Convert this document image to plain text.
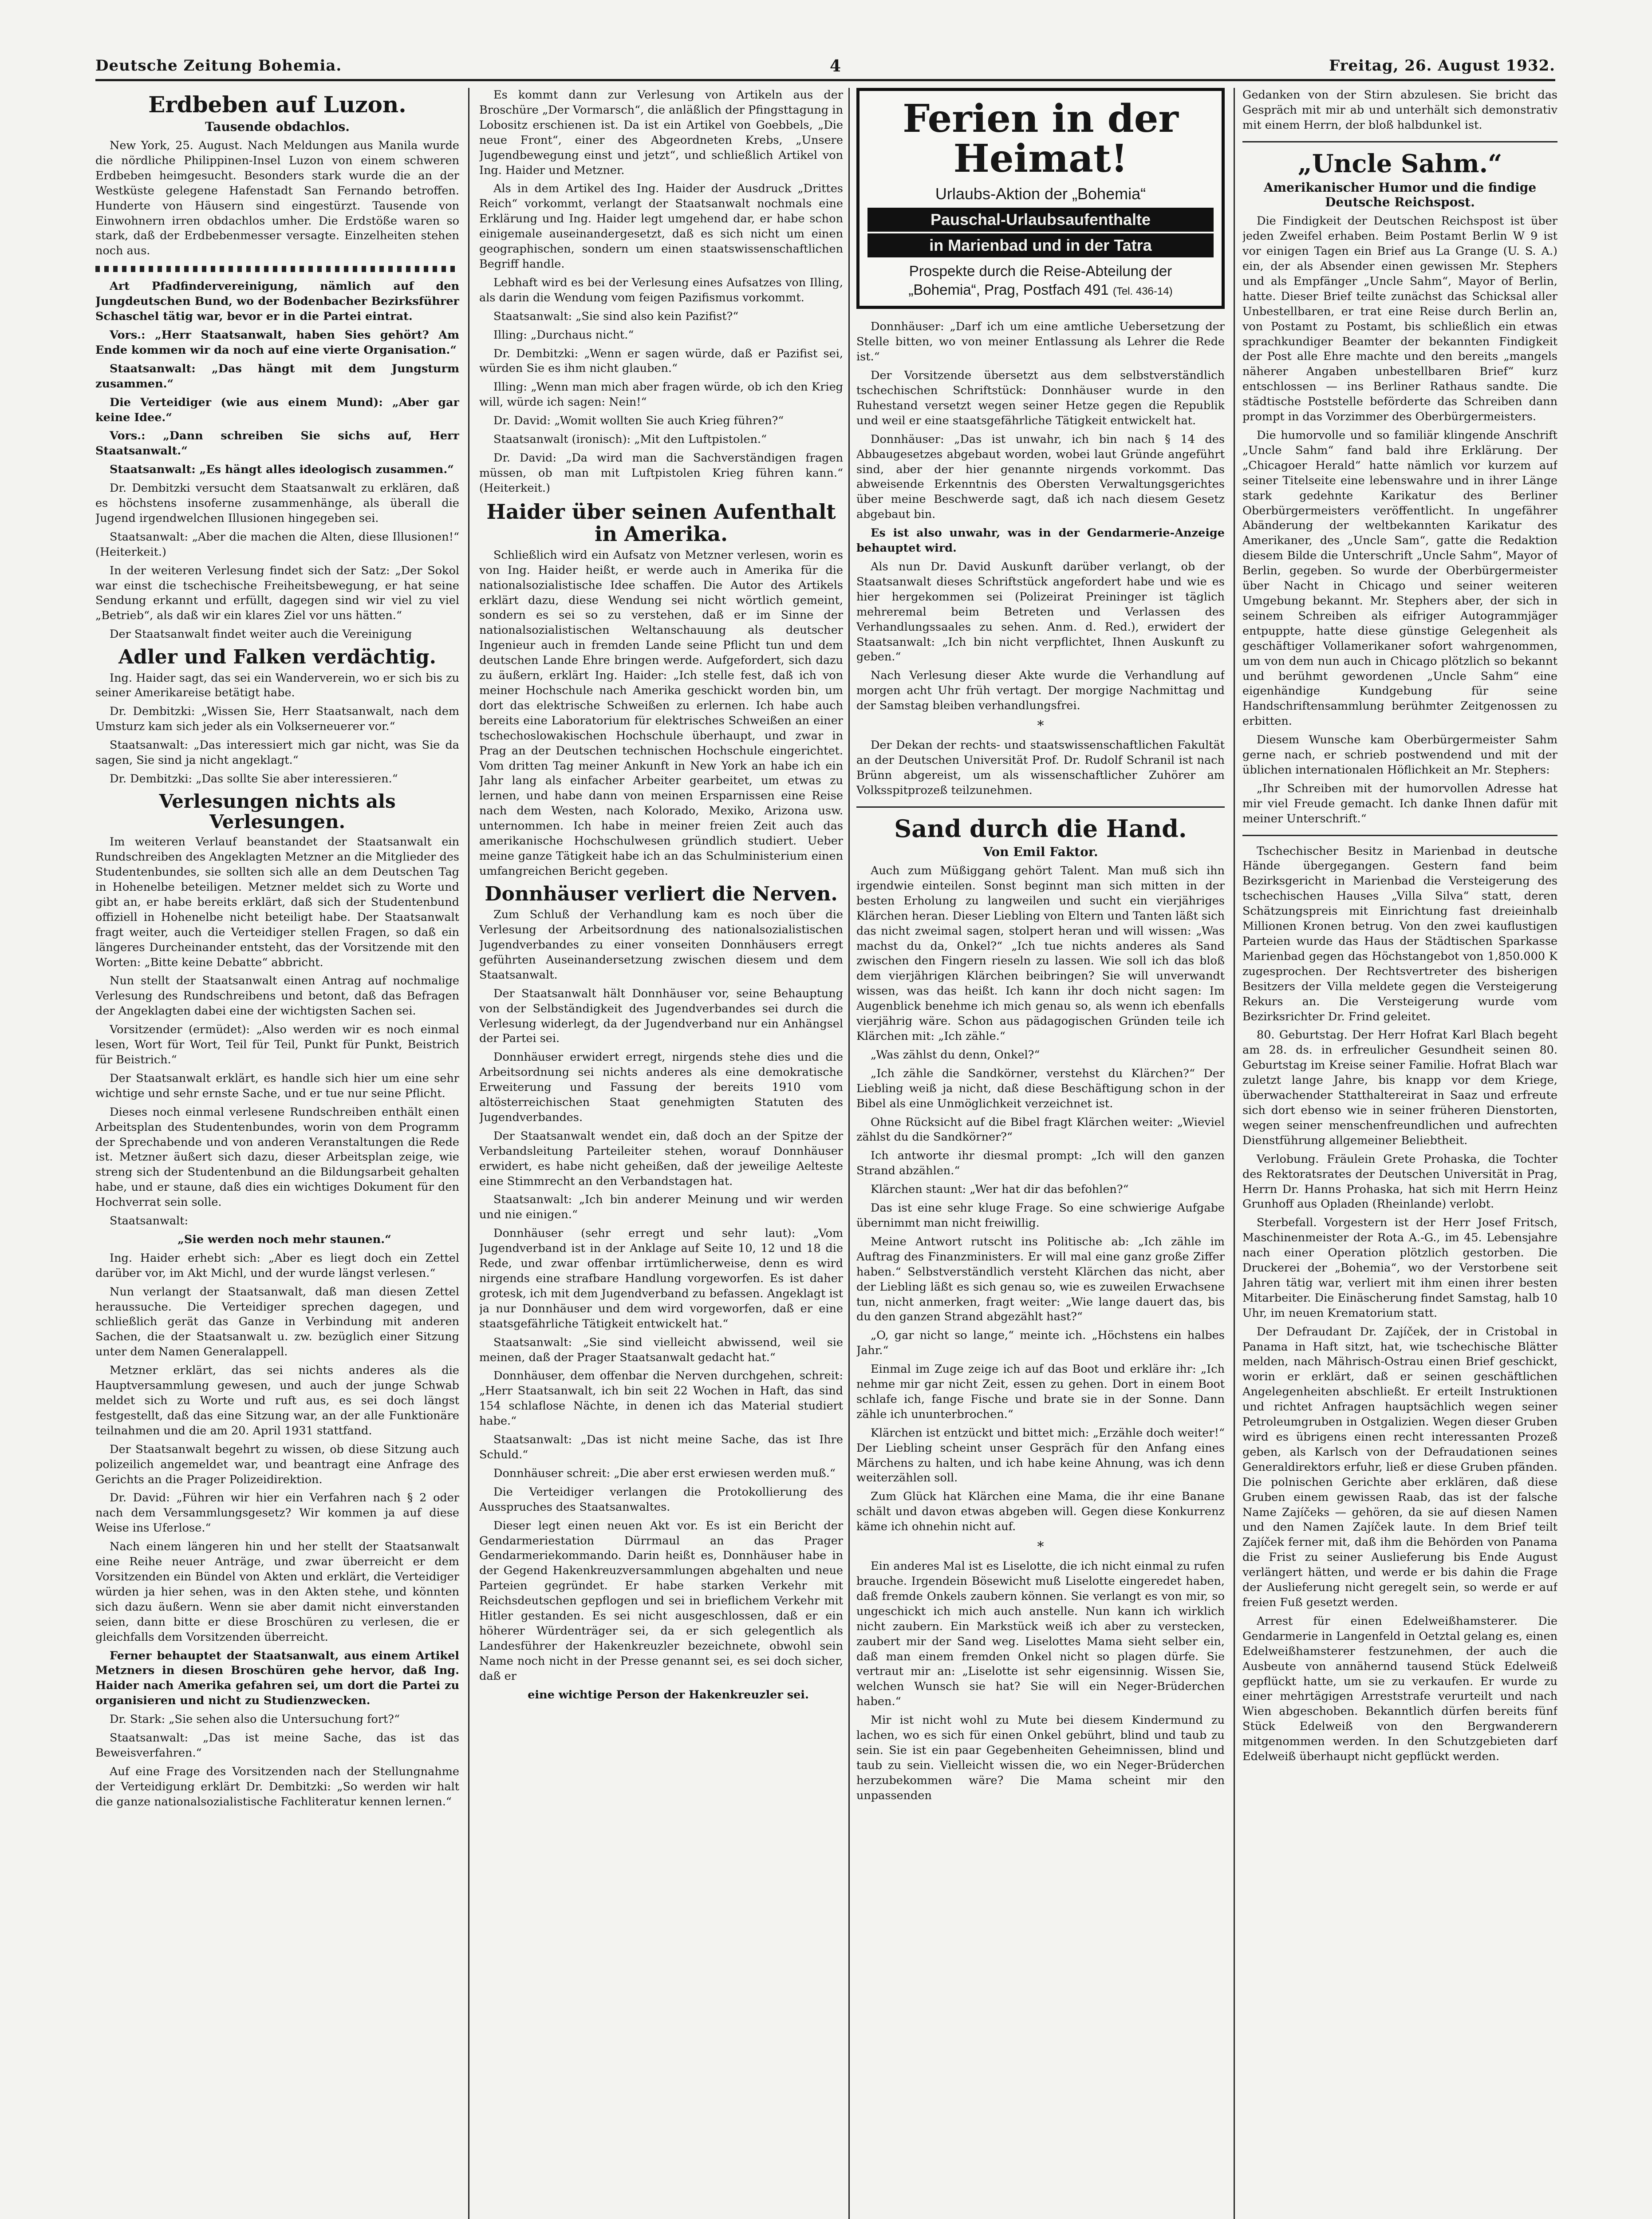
Deutsche Zeitung Bohemia.	4	Freitag, 26. August 1932.
Erdbeben auf Luzon.
Tausende obdachlos.

New York, 25. August. Nach Meldungen aus Manila wurde die nördliche Philippinen-Insel Luzon von einem schweren Erdbeben heimgesucht. Besonders stark wurde die an der Westküste gelegene Hafenstadt San Fernando betroffen. Hunderte von Häusern sind eingestürzt. Tausende von Einwohnern irren obdachlos umher. Die Erdstöße waren so stark, daß der Erdbebenmesser versagte. Einzelheiten stehen noch aus.

Art Pfadfindervereinigung, nämlich auf den Jungdeutschen Bund, wo der Bodenbacher Bezirksführer Schaschel tätig war, bevor er in die Partei eintrat.

Vors.: „Herr Staatsanwalt, haben Sies gehört? Am Ende kommen wir da noch auf eine vierte Organisation.“

Staatsanwalt: „Das hängt mit dem Jungsturm zusammen.“

Die Verteidiger (wie aus einem Mund): „Aber gar keine Idee.“

Vors.: „Dann schreiben Sie sichs auf, Herr Staatsanwalt.“

Staatsanwalt: „Es hängt alles ideologisch zusammen.“

Dr. Dembitzki versucht dem Staatsanwalt zu erklären, daß es höchstens insoferne zusammenhänge, als überall die Jugend irgendwelchen Illusionen hingegeben sei.

Staatsanwalt: „Aber die machen die Alten, diese Illusionen!“ (Heiterkeit.)

In der weiteren Verlesung findet sich der Satz: „Der Sokol war einst die tschechische Freiheitsbewegung, er hat seine Sendung erkannt und erfüllt, dagegen sind wir viel zu viel „Betrieb“, als daß wir ein klares Ziel vor uns hätten.“

Der Staatsanwalt findet weiter auch die Vereinigung

Adler und Falken verdächtig.

Ing. Haider sagt, das sei ein Wanderverein, wo er sich bis zu seiner Amerikareise betätigt habe.

Dr. Dembitzki: „Wissen Sie, Herr Staatsanwalt, nach dem Umsturz kam sich jeder als ein Volkserneuerer vor.“

Staatsanwalt: „Das interessiert mich gar nicht, was Sie da sagen, Sie sind ja nicht angeklagt.“

Dr. Dembitzki: „Das sollte Sie aber interessieren.“

Verlesungen nichts als Verlesungen.

Im weiteren Verlauf beanstandet der Staatsanwalt ein Rundschreiben des Angeklagten Metzner an die Mitglieder des Studentenbundes, sie sollten sich alle an dem Deutschen Tag in Hohenelbe beteiligen. Metzner meldet sich zu Worte und gibt an, er habe bereits erklärt, daß sich der Studentenbund offiziell in Hohenelbe nicht beteiligt habe. Der Staatsanwalt fragt weiter, auch die Verteidiger stellen Fragen, so daß ein längeres Durcheinander entsteht, das der Vorsitzende mit den Worten: „Bitte keine Debatte“ abbricht.

Nun stellt der Staatsanwalt einen Antrag auf nochmalige Verlesung des Rundschreibens und betont, daß das Befragen der Angeklagten dabei eine der wichtigsten Sachen sei.

Vorsitzender (ermüdet): „Also werden wir es noch einmal lesen, Wort für Wort, Teil für Teil, Punkt für Punkt, Beistrich für Beistrich.“

Der Staatsanwalt erklärt, es handle sich hier um eine sehr wichtige und sehr ernste Sache, und er tue nur seine Pflicht.

Dieses noch einmal verlesene Rundschreiben enthält einen Arbeitsplan des Studentenbundes, worin von dem Programm der Sprechabende und von anderen Veranstaltungen die Rede ist. Metzner äußert sich dazu, dieser Arbeitsplan zeige, wie streng sich der Studentenbund an die Bildungsarbeit gehalten habe, und er staune, daß dies ein wichtiges Dokument für den Hochverrat sein solle.

Staatsanwalt:

„Sie werden noch mehr staunen.“

Ing. Haider erhebt sich: „Aber es liegt doch ein Zettel darüber vor, im Akt Michl, und der wurde längst verlesen.“

Nun verlangt der Staatsanwalt, daß man diesen Zettel heraussuche. Die Verteidiger sprechen dagegen, und schließlich gerät das Ganze in Verbindung mit anderen Sachen, die der Staatsanwalt u. zw. bezüglich einer Sitzung unter dem Namen Generalappell.

Metzner erklärt, das sei nichts anderes als die Hauptversammlung gewesen, und auch der junge Schwab meldet sich zu Worte und ruft aus, es sei doch längst festgestellt, daß das eine Sitzung war, an der alle Funktionäre teilnahmen und die am 20. April 1931 stattfand.

Der Staatsanwalt begehrt zu wissen, ob diese Sitzung auch polizeilich angemeldet war, und beantragt eine Anfrage des Gerichts an die Prager Polizeidirektion.

Dr. David: „Führen wir hier ein Verfahren nach § 2 oder nach dem Versammlungsgesetz? Wir kommen ja auf diese Weise ins Uferlose.“

Nach einem längeren hin und her stellt der Staatsanwalt eine Reihe neuer Anträge, und zwar überreicht er dem Vorsitzenden ein Bündel von Akten und erklärt, die Verteidiger würden ja hier sehen, was in den Akten stehe, und könnten sich dazu äußern. Wenn sie aber damit nicht einverstanden seien, dann bitte er diese Broschüren zu verlesen, die er gleichfalls dem Vorsitzenden überreicht.

Ferner behauptet der Staatsanwalt, aus einem Artikel Metzners in diesen Broschüren gehe hervor, daß Ing. Haider nach Amerika gefahren sei, um dort die Partei zu organisieren und nicht zu Studienzwecken.

Dr. Stark: „Sie sehen also die Untersuchung fort?“

Staatsanwalt: „Das ist meine Sache, das ist das Beweisverfahren.“

Auf eine Frage des Vorsitzenden nach der Stellungnahme der Verteidigung erklärt Dr. Dembitzki: „So werden wir halt die ganze nationalsozialistische Fachliteratur kennen lernen.“

Es kommt dann zur Verlesung von Artikeln aus der Broschüre „Der Vormarsch“, die anläßlich der Pfingsttagung in Lobositz erschienen ist. Da ist ein Artikel von Goebbels, „Die neue Front“, einer des Abgeordneten Krebs, „Unsere Jugendbewegung einst und jetzt“, und schließlich Artikel von Ing. Haider und Metzner.

Als in dem Artikel des Ing. Haider der Ausdruck „Drittes Reich“ vorkommt, verlangt der Staatsanwalt nochmals eine Erklärung und Ing. Haider legt umgehend dar, er habe schon einigemale auseinandergesetzt, daß es sich nicht um einen geographischen, sondern um einen staatswissenschaftlichen Begriff handle.

Lebhaft wird es bei der Verlesung eines Aufsatzes von Illing, als darin die Wendung vom feigen Pazifismus vorkommt.

Staatsanwalt: „Sie sind also kein Pazifist?“

Illing: „Durchaus nicht.“

Dr. Dembitzki: „Wenn er sagen würde, daß er Pazifist sei, würden Sie es ihm nicht glauben.“

Illing: „Wenn man mich aber fragen würde, ob ich den Krieg will, würde ich sagen: Nein!“

Dr. David: „Womit wollten Sie auch Krieg führen?“

Staatsanwalt (ironisch): „Mit den Luftpistolen.“

Dr. David: „Da wird man die Sachverständigen fragen müssen, ob man mit Luftpistolen Krieg führen kann.“ (Heiterkeit.)

Haider über seinen Aufenthalt in Amerika.

Schließlich wird ein Aufsatz von Metzner verlesen, worin es von Ing. Haider heißt, er werde auch in Amerika für die nationalsozialistische Idee schaffen. Die Autor des Artikels erklärt dazu, diese Wendung sei nicht wörtlich gemeint, sondern es sei so zu verstehen, daß er im Sinne der nationalsozialistischen Weltanschauung als deutscher Ingenieur auch in fremden Lande seine Pflicht tun und dem deutschen Lande Ehre bringen werde. Aufgefordert, sich dazu zu äußern, erklärt Ing. Haider: „Ich stelle fest, daß ich von meiner Hochschule nach Amerika geschickt worden bin, um dort das elektrische Schweißen zu erlernen. Ich habe auch bereits eine Laboratorium für elektrisches Schweißen an einer tschechoslowakischen Hochschule überhaupt, und zwar in Prag an der Deutschen technischen Hochschule eingerichtet. Vom dritten Tag meiner Ankunft in New York an habe ich ein Jahr lang als einfacher Arbeiter gearbeitet, um etwas zu lernen, und habe dann von meinen Ersparnissen eine Reise nach dem Westen, nach Kolorado, Mexiko, Arizona usw. unternommen. Ich habe in meiner freien Zeit auch das amerikanische Hochschulwesen gründlich studiert. Ueber meine ganze Tätigkeit habe ich an das Schulministerium einen umfangreichen Bericht gegeben.

Donnhäuser verliert die Nerven.

Zum Schluß der Verhandlung kam es noch über die Verlesung der Arbeitsordnung des nationalsozialistischen Jugendverbandes zu einer vonseiten Donnhäusers erregt geführten Auseinandersetzung zwischen diesem und dem Staatsanwalt.

Der Staatsanwalt hält Donnhäuser vor, seine Behauptung von der Selbständigkeit des Jugendverbandes sei durch die Verlesung widerlegt, da der Jugendverband nur ein Anhängsel der Partei sei.

Donnhäuser erwidert erregt, nirgends stehe dies und die Arbeitsordnung sei nichts anderes als eine demokratische Erweiterung und Fassung der bereits 1910 vom altösterreichischen Staat genehmigten Statuten des Jugendverbandes.

Der Staatsanwalt wendet ein, daß doch an der Spitze der Verbandsleitung Parteileiter stehen, worauf Donnhäuser erwidert, es habe nicht geheißen, daß der jeweilige Aelteste eine Stimmrecht an den Verbandstagen hat.

Staatsanwalt: „Ich bin anderer Meinung und wir werden und nie einigen.“

Donnhäuser (sehr erregt und sehr laut): „Vom Jugendverband ist in der Anklage auf Seite 10, 12 und 18 die Rede, und zwar offenbar irrtümlicherweise, denn es wird nirgends eine strafbare Handlung vorgeworfen. Es ist daher grotesk, ich mit dem Jugendverband zu befassen. Angeklagt ist ja nur Donnhäuser und dem wird vorgeworfen, daß er eine staatsgefährliche Tätigkeit entwickelt hat.“

Staatsanwalt: „Sie sind vielleicht abwissend, weil sie meinen, daß der Prager Staatsanwalt gedacht hat.“

Donnhäuser, dem offenbar die Nerven durchgehen, schreit: „Herr Staatsanwalt, ich bin seit 22 Wochen in Haft, das sind 154 schlaflose Nächte, in denen ich das Material studiert habe.“

Staatsanwalt: „Das ist nicht meine Sache, das ist Ihre Schuld.“

Donnhäuser schreit: „Die aber erst erwiesen werden muß.“

Die Verteidiger verlangen die Protokollierung des Ausspruches des Staatsanwaltes.

Dieser legt einen neuen Akt vor. Es ist ein Bericht der Gendarmeriestation Dürrmaul an das Prager Gendarmeriekommando. Darin heißt es, Donnhäuser habe in der Gegend Hakenkreuzversammlungen abgehalten und neue Parteien gegründet. Er habe starken Verkehr mit Reichsdeutschen gepflogen und sei in brieflichem Verkehr mit Hitler gestanden. Es sei nicht ausgeschlossen, daß er ein höherer Würdenträger sei, da er sich gelegentlich als Landesführer der Hakenkreuzler bezeichnete, obwohl sein Name noch nicht in der Presse genannt sei, es sei doch sicher, daß er

eine wichtige Person der Hakenkreuzler sei.

Ferien in der Heimat!
Urlaubs-Aktion der „Bohemia“
Pauschal-Urlaubsaufenthalte
in Marienbad und in der Tatra
Prospekte durch die Reise-Abteilung der
„Bohemia“, Prag, Postfach 491 (Tel. 436-14)

Donnhäuser: „Darf ich um eine amtliche Uebersetzung der Stelle bitten, wo von meiner Entlassung als Lehrer die Rede ist.“

Der Vorsitzende übersetzt aus dem selbstverständlich tschechischen Schriftstück: Donnhäuser wurde in den Ruhestand versetzt wegen seiner Hetze gegen die Republik und weil er eine staatsgefährliche Tätigkeit entwickelt hat.

Donnhäuser: „Das ist unwahr, ich bin nach § 14 des Abbaugesetzes abgebaut worden, wobei laut Gründe angeführt sind, aber der hier genannte nirgends vorkommt. Das abweisende Erkenntnis des Obersten Verwaltungsgerichtes über meine Beschwerde sagt, daß ich nach diesem Gesetz abgebaut bin.

Es ist also unwahr, was in der Gendarmerie-Anzeige behauptet wird.

Als nun Dr. David Auskunft darüber verlangt, ob der Staatsanwalt dieses Schriftstück angefordert habe und wie es hier hergekommen sei (Polizeirat Preininger ist täglich mehreremal beim Betreten und Verlassen des Verhandlungssaales zu sehen. Anm. d. Red.), erwidert der Staatsanwalt: „Ich bin nicht verpflichtet, Ihnen Auskunft zu geben.“

Nach Verlesung dieser Akte wurde die Verhandlung auf morgen acht Uhr früh vertagt. Der morgige Nachmittag und der Samstag bleiben verhandlungsfrei.

*

Der Dekan der rechts- und staatswissenschaftlichen Fakultät an der Deutschen Universität Prof. Dr. Rudolf Schranil ist nach Brünn abgereist, um als wissenschaftlicher Zuhörer am Volksspitprozeß teilzunehmen.

Sand durch die Hand.
Von Emil Faktor.

Auch zum Müßiggang gehört Talent. Man muß sich ihn irgendwie einteilen. Sonst beginnt man sich mitten in der besten Erholung zu langweilen und sucht ein vierjähriges Klärchen heran. Dieser Liebling von Eltern und Tanten läßt sich das nicht zweimal sagen, stolpert heran und will wissen: „Was machst du da, Onkel?“ „Ich tue nichts anderes als Sand zwischen den Fingern rieseln zu lassen. Wie soll ich das bloß dem vierjährigen Klärchen beibringen? Sie will unverwandt wissen, was das heißt. Ich kann ihr doch nicht sagen: Im Augenblick benehme ich mich genau so, als wenn ich ebenfalls vierjährig wäre. Schon aus pädagogischen Gründen teile ich Klärchen mit: „Ich zähle.“

„Was zählst du denn, Onkel?“

„Ich zähle die Sandkörner, verstehst du Klärchen?“ Der Liebling weiß ja nicht, daß diese Beschäftigung schon in der Bibel als eine Unmöglichkeit verzeichnet ist.

Ohne Rücksicht auf die Bibel fragt Klärchen weiter: „Wieviel zählst du die Sandkörner?“

Ich antworte ihr diesmal prompt: „Ich will den ganzen Strand abzählen.“

Klärchen staunt: „Wer hat dir das befohlen?“

Das ist eine sehr kluge Frage. So eine schwierige Aufgabe übernimmt man nicht freiwillig.

Meine Antwort rutscht ins Politische ab: „Ich zähle im Auftrag des Finanzministers. Er will mal eine ganz große Ziffer haben.“ Selbstverständlich versteht Klärchen das nicht, aber der Liebling läßt es sich genau so, wie es zuweilen Erwachsene tun, nicht anmerken, fragt weiter: „Wie lange dauert das, bis du den ganzen Strand abgezählt hast?“

„O, gar nicht so lange,“ meinte ich. „Höchstens ein halbes Jahr.“

Einmal im Zuge zeige ich auf das Boot und erkläre ihr: „Ich nehme mir gar nicht Zeit, essen zu gehen. Dort in einem Boot schlafe ich, fange Fische und brate sie in der Sonne. Dann zähle ich ununterbrochen.“

Klärchen ist entzückt und bittet mich: „Erzähle doch weiter!“ Der Liebling scheint unser Gespräch für den Anfang eines Märchens zu halten, und ich habe keine Ahnung, was ich denn weiterzählen soll.

Zum Glück hat Klärchen eine Mama, die ihr eine Banane schält und davon etwas abgeben will. Gegen diese Konkurrenz käme ich ohnehin nicht auf.

*

Ein anderes Mal ist es Liselotte, die ich nicht einmal zu rufen brauche. Irgendein Bösewicht muß Liselotte eingeredet haben, daß fremde Onkels zaubern können. Sie verlangt es von mir, so ungeschickt ich mich auch anstelle. Nun kann ich wirklich nicht zaubern. Ein Markstück weiß ich aber zu verstecken, zaubert mir der Sand weg. Liselottes Mama sieht selber ein, daß man einem fremden Onkel nicht so plagen dürfe. Sie vertraut mir an: „Liselotte ist sehr eigensinnig. Wissen Sie, welchen Wunsch sie hat? Sie will ein Neger-Brüderchen haben.“

Mir ist nicht wohl zu Mute bei diesem Kindermund zu lachen, wo es sich für einen Onkel gebührt, blind und taub zu sein. Sie ist ein paar Gegebenheiten Geheimnissen, blind und taub zu sein. Vielleicht wissen die, wo ein Neger-Brüderchen herzubekommen wäre? Die Mama scheint mir den unpassenden

Gedanken von der Stirn abzulesen. Sie bricht das Gespräch mit mir ab und unterhält sich demonstrativ mit einem Herrn, der bloß halbdunkel ist.

„Uncle Sahm.“
Amerikanischer Humor und die findige Deutsche Reichspost.

Die Findigkeit der Deutschen Reichspost ist über jeden Zweifel erhaben. Beim Postamt Berlin W 9 ist vor einigen Tagen ein Brief aus La Grange (U. S. A.) ein, der als Absender einen gewissen Mr. Stephers und als Empfänger „Uncle Sahm“, Mayor of Berlin, hatte. Dieser Brief teilte zunächst das Schicksal aller Unbestellbaren, er trat eine Reise durch Berlin an, von Postamt zu Postamt, bis schließlich ein etwas sprachkundiger Beamter der bekannten Findigkeit der Post alle Ehre machte und den bereits „mangels näherer Angaben unbestellbaren Brief“ kurz entschlossen — ins Berliner Rathaus sandte. Die städtische Poststelle beförderte das Schreiben dann prompt in das Vorzimmer des Oberbürgermeisters.

Die humorvolle und so familiär klingende Anschrift „Uncle Sahm“ fand bald ihre Erklärung. Der „Chicagoer Herald“ hatte nämlich vor kurzem auf seiner Titelseite eine lebenswahre und in ihrer Länge stark gedehnte Karikatur des Berliner Oberbürgermeisters veröffentlicht. In ungefährer Abänderung der weltbekannten Karikatur des Amerikaner, des „Uncle Sam“, gatte die Redaktion diesem Bilde die Unterschrift „Uncle Sahm“, Mayor of Berlin, gegeben. So wurde der Oberbürgermeister über Nacht in Chicago und seiner weiteren Umgebung bekannt. Mr. Stephers aber, der sich in seinem Schreiben als eifriger Autogrammjäger entpuppte, hatte diese günstige Gelegenheit als geschäftiger Vollamerikaner sofort wahrgenommen, um von dem nun auch in Chicago plötzlich so bekannt und berühmt gewordenen „Uncle Sahm“ eine eigenhändige Kundgebung für seine Handschriftensammlung berühmter Zeitgenossen zu erbitten.

Diesem Wunsche kam Oberbürgermeister Sahm gerne nach, er schrieb postwendend und mit der üblichen internationalen Höflichkeit an Mr. Stephers:

„Ihr Schreiben mit der humorvollen Adresse hat mir viel Freude gemacht. Ich danke Ihnen dafür mit meiner Unterschrift.“

Tschechischer Besitz in Marienbad in deutsche Hände übergegangen. Gestern fand beim Bezirksgericht in Marienbad die Versteigerung des tschechischen Hauses „Villa Silva“ statt, deren Schätzungspreis mit Einrichtung fast dreieinhalb Millionen Kronen betrug. Von den zwei kauflustigen Parteien wurde das Haus der Städtischen Sparkasse Marienbad gegen das Höchstangebot von 1,850.000 K zugesprochen. Der Rechtsvertreter des bisherigen Besitzers der Villa meldete gegen die Versteigerung Rekurs an. Die Versteigerung wurde vom Bezirksrichter Dr. Frind geleitet.

80. Geburtstag. Der Herr Hofrat Karl Blach begeht am 28. ds. in erfreulicher Gesundheit seinen 80. Geburtstag im Kreise seiner Familie. Hofrat Blach war zuletzt lange Jahre, bis knapp vor dem Kriege, überwachender Statthaltereirat in Saaz und erfreute sich dort ebenso wie in seiner früheren Dienstorten, wegen seiner menschenfreundlichen und aufrechten Dienstführung allgemeiner Beliebtheit.

Verlobung. Fräulein Grete Prohaska, die Tochter des Rektoratsrates der Deutschen Universität in Prag, Herrn Dr. Hanns Prohaska, hat sich mit Herrn Heinz Grunhoff aus Opladen (Rheinlande) verlobt.

Sterbefall. Vorgestern ist der Herr Josef Fritsch, Maschinenmeister der Rota A.-G., im 45. Lebensjahre nach einer Operation plötzlich gestorben. Die Druckerei der „Bohemia“, wo der Verstorbene seit Jahren tätig war, verliert mit ihm einen ihrer besten Mitarbeiter. Die Einäscherung findet Samstag, halb 10 Uhr, im neuen Krematorium statt.

Der Defraudant Dr. Zajíček, der in Cristobal in Panama in Haft sitzt, hat, wie tschechische Blätter melden, nach Mährisch-Ostrau einen Brief geschickt, worin er erklärt, daß er seinen geschäftlichen Angelegenheiten abschließt. Er erteilt Instruktionen und richtet Anfragen hauptsächlich wegen seiner Petroleumgruben in Ostgalizien. Wegen dieser Gruben wird es übrigens einen recht interessanten Prozeß geben, als Karlsch von der Defraudationen seines Generaldirektors erfuhr, ließ er diese Gruben pfänden. Die polnischen Gerichte aber erklären, daß diese Gruben einem gewissen Raab, das ist der falsche Name Zajíčeks — gehören, da sie auf diesen Namen und den Namen Zajíček laute. In dem Brief teilt Zajíček ferner mit, daß ihm die Behörden von Panama die Frist zu seiner Auslieferung bis Ende August verlängert hätten, und werde er bis dahin die Frage der Auslieferung nicht geregelt sein, so werde er auf freien Fuß gesetzt werden.

Arrest für einen Edelweißhamsterer. Die Gendarmerie in Langenfeld in Oetztal gelang es, einen Edelweißhamsterer festzunehmen, der auch die Ausbeute von annähernd tausend Stück Edelweiß gepflückt hatte, um sie zu verkaufen. Er wurde zu einer mehrtägigen Arreststrafe verurteilt und nach Wien abgeschoben. Bekanntlich dürfen bereits fünf Stück Edelweiß von den Bergwanderern mitgenommen werden. In den Schutzgebieten darf Edelweiß überhaupt nicht gepflückt werden.
